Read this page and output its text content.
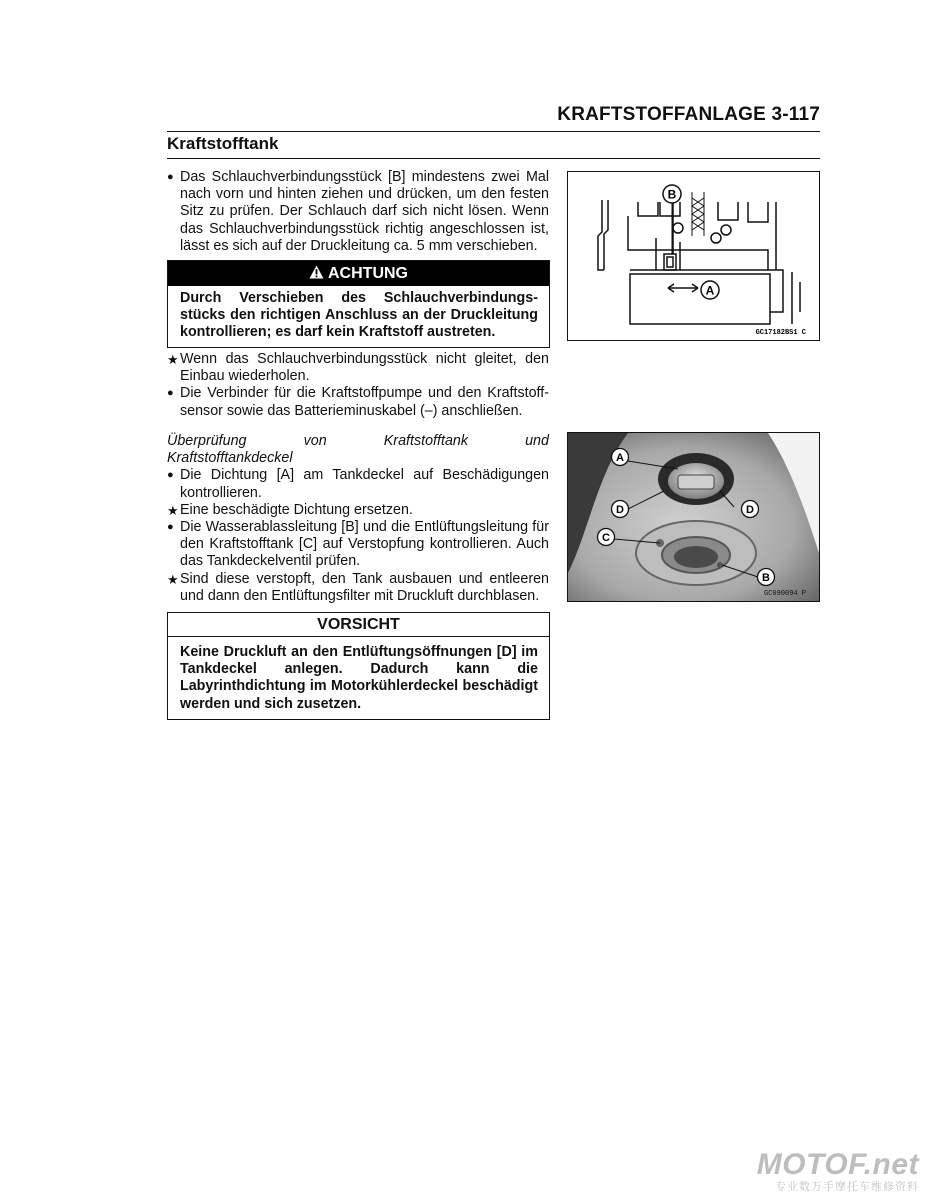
KRAFTSTOFFANLAGE 3-117
Kraftstofftank
● Das Schlauchverbindungsstück [B] mindestens zwei Mal nach vorn und hinten ziehen und drücken, um den festen Sitz zu prüfen. Der Schlauch darf sich nicht lösen. Wenn das Schlauchverbindungsstück richtig angeschlossen ist, lässt es sich auf der Druckleitung ca. 5 mm verschieben.
ACHTUNG
Durch Verschieben des Schlauchverbindungs-stücks den richtigen Anschluss an der Druckleitung kontrollieren; es darf kein Kraftstoff austreten.
★ Wenn das Schlauchverbindungsstück nicht gleitet, den Einbau wiederholen.
● Die Verbinder für die Kraftstoffpumpe und den Kraftstoff-sensor sowie das Batterieminuskabel (–) anschließen.
Überprüfung	von	Kraftstofftank	und
Kraftstofftankdeckel
● Die Dichtung [A] am Tankdeckel auf Beschädigungen kontrollieren.
★ Eine beschädigte Dichtung ersetzen.
● Die Wasserablassleitung [B] und die Entlüftungsleitung für den Kraftstofftank [C] auf Verstopfung kontrollieren. Auch das Tankdeckelventil prüfen.
★ Sind diese verstopft, den Tank ausbauen und entleeren und dann den Entlüftungsfilter mit Druckluft durchblasen.
VORSICHT
Keine Druckluft an den Entlüftungsöffnungen [D] im Tankdeckel anlegen. Dadurch kann die Labyrinthdichtung im Motorkühlerdeckel beschädigt werden und sich zusetzen.
B
A
GC17182BS1 C
A
D	D
C
B
GC090094 P
MOTOF.net
专业数万手摩托车维修资料
